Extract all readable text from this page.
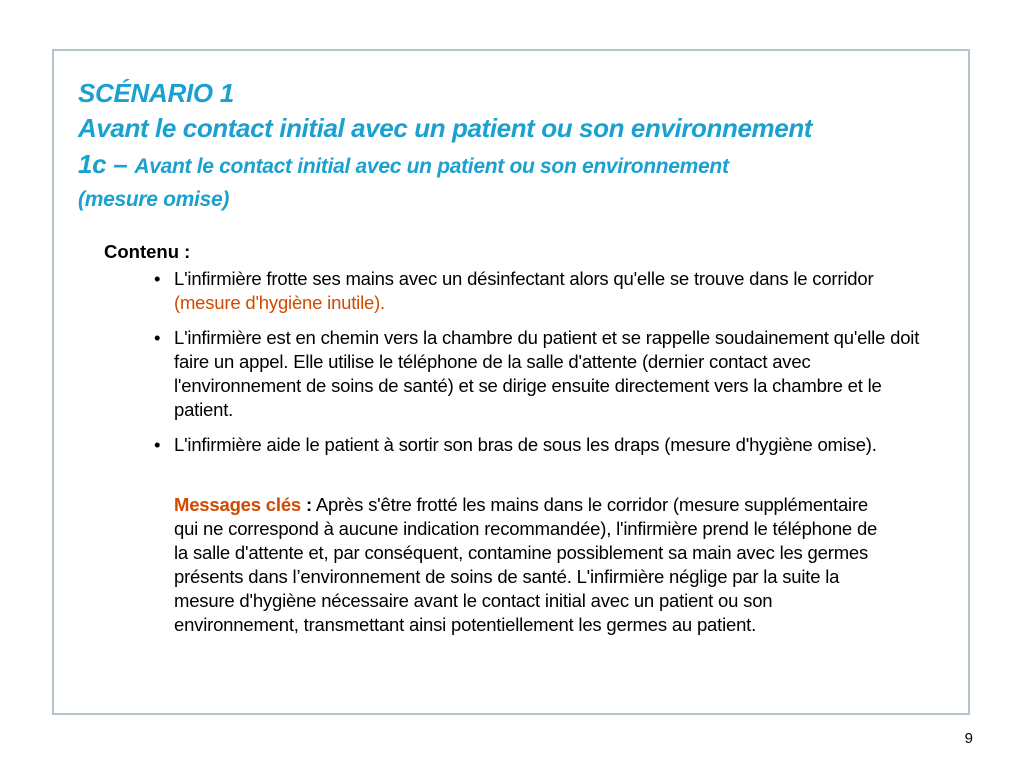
SCÉNARIO 1
Avant le contact initial avec un patient ou son environnement
1c – Avant le contact initial avec un patient ou son environnement
(mesure omise)
Contenu :
• L'infirmière frotte ses mains avec un désinfectant alors qu'elle se trouve dans le corridor (mesure d'hygiène inutile).
• L'infirmière est en chemin vers la chambre du patient et se rappelle soudainement qu'elle doit faire un appel. Elle utilise le téléphone de la salle d'attente (dernier contact avec l'environnement de soins de santé) et se dirige ensuite directement vers la chambre et le patient.
• L'infirmière aide le patient à sortir son bras de sous les draps (mesure d'hygiène omise).
Messages clés : Après s'être frotté les mains dans le corridor (mesure supplémentaire qui ne correspond à aucune indication recommandée), l'infirmière prend le téléphone de la salle d'attente et, par conséquent, contamine possiblement sa main avec les germes présents dans l’environnement de soins de santé. L'infirmière néglige par la suite la mesure d'hygiène nécessaire avant le contact initial avec un patient ou son environnement, transmettant ainsi potentiellement les germes au patient.
9
